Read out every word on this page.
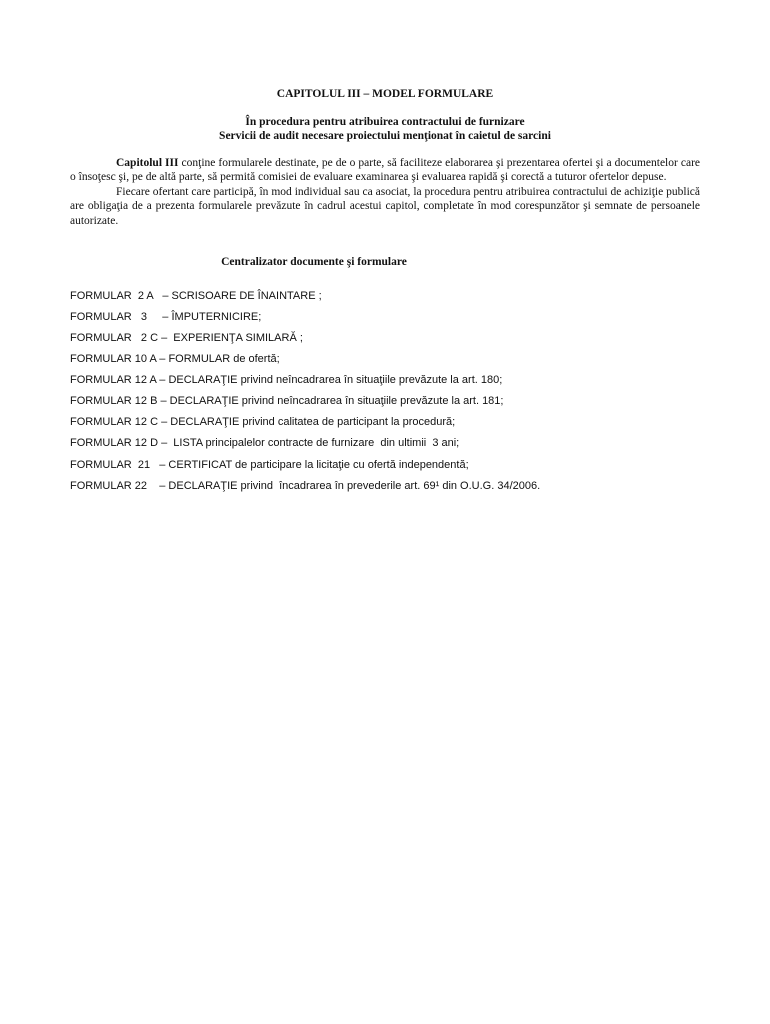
CAPITOLUL III – MODEL FORMULARE
În procedura pentru atribuirea contractului de furnizare
Servicii de audit necesare proiectului menţionat în caietul de sarcini

Capitolul III conţine formularele destinate, pe de o parte, să faciliteze elaborarea şi prezentarea ofertei şi a documentelor care o însoţesc şi, pe de altă parte, să permită comisiei de evaluare examinarea şi evaluarea rapidă şi corectă a tuturor ofertelor depuse.

Fiecare ofertant care participă, în mod individual sau ca asociat, la procedura pentru atribuirea contractului de achiziţie publică are obligaţia de a prezenta formularele prevăzute în cadrul acestui capitol, completate în mod corespunzător şi semnate de persoanele autorizate.

Centralizator documente şi formulare
FORMULAR  2 A   – SCRISOARE DE ÎNAINTARE ;
FORMULAR   3     – ÎMPUTERNICIRE;
FORMULAR   2 C –  EXPERIENŢA SIMILARĂ ;
FORMULAR 10 A – FORMULAR de ofertă;
FORMULAR 12 A – DECLARAŢIE privind neîncadrarea în situaţiile prevăzute la art. 180;
FORMULAR 12 B – DECLARAŢIE privind neîncadrarea în situaţiile prevăzute la art. 181;
FORMULAR 12 C – DECLARAŢIE privind calitatea de participant la procedură;
FORMULAR 12 D –  LISTA principalelor contracte de furnizare  din ultimii  3 ani;
FORMULAR  21   – CERTIFICAT de participare la licitaţie cu ofertă independentă;
FORMULAR 22    – DECLARAŢIE privind  încadrarea în prevederile art. 69¹ din O.U.G. 34/2006.
